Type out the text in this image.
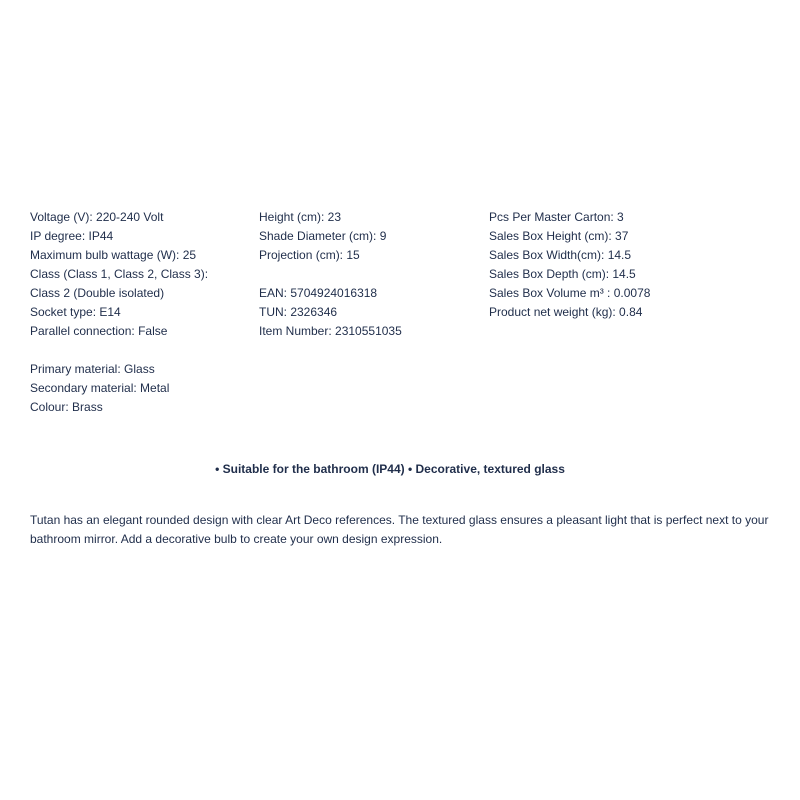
Voltage (V): 220-240 Volt
IP degree: IP44
Maximum bulb wattage (W): 25
Class (Class 1, Class 2, Class 3):
Class 2 (Double isolated)
Socket type: E14
Parallel connection: False
Primary material: Glass
Secondary material: Metal
Colour: Brass
Height (cm): 23
Shade Diameter (cm): 9
Projection (cm): 15
EAN: 5704924016318
TUN: 2326346
Item Number: 2310551035
Pcs Per Master Carton: 3
Sales Box Height (cm): 37
Sales Box Width(cm): 14.5
Sales Box Depth (cm): 14.5
Sales Box Volume m³ : 0.0078
Product net weight (kg): 0.84
• Suitable for the bathroom (IP44) • Decorative, textured glass
Tutan has an elegant rounded design with clear Art Deco references. The textured glass ensures a pleasant light that is perfect next to your bathroom mirror. Add a decorative bulb to create your own design expression.
